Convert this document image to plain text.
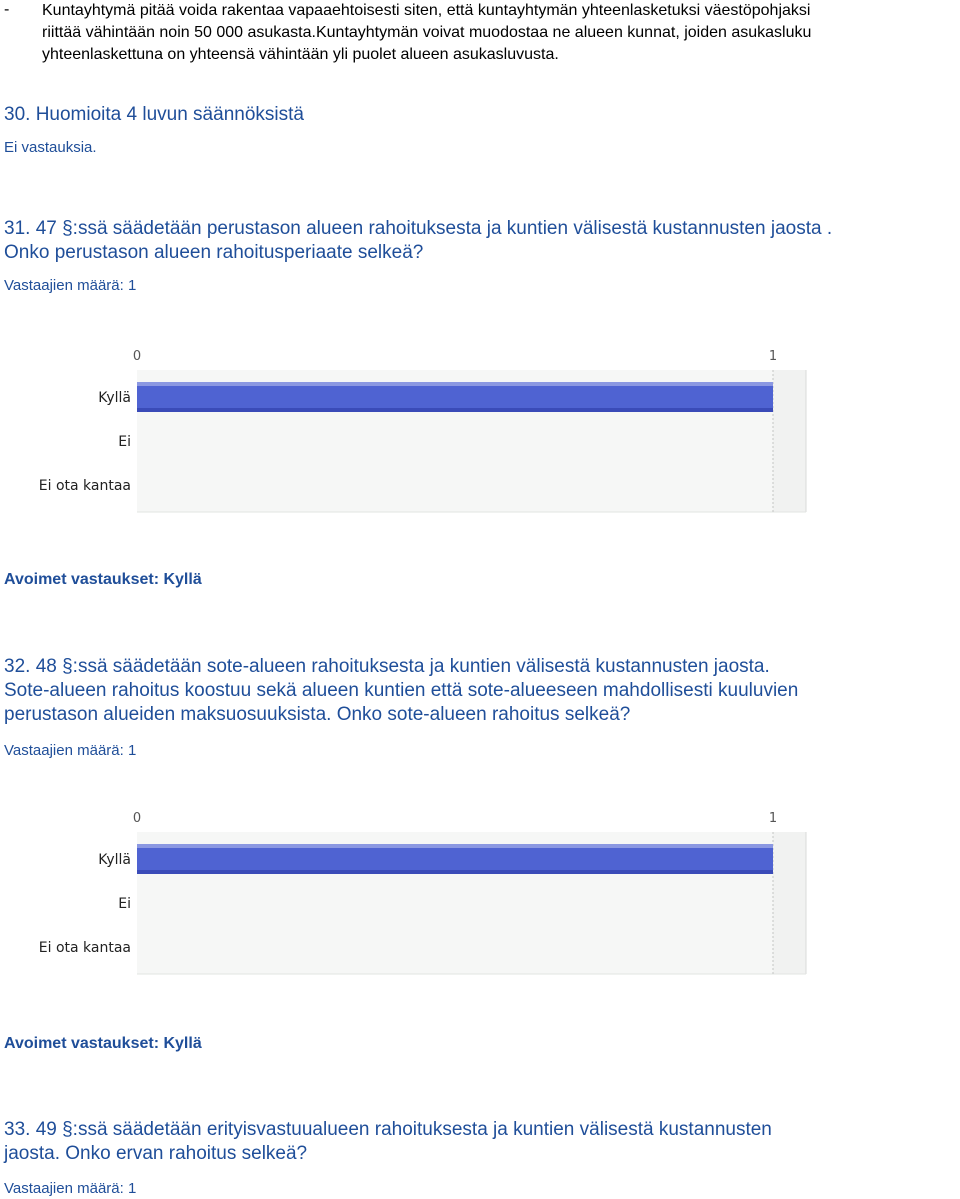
- Kuntayhtymä pitää voida rakentaa vapaaehtoisesti siten, että kuntayhtymän yhteenlasketuksi väestöpohjaksi
riittää vähintään noin 50 000 asukasta.Kuntayhtymän voivat muodostaa ne alueen kunnat, joiden asukasluku
yhteenlaskettuna on yhteensä vähintään yli puolet alueen asukasluvusta.
30. Huomioita 4 luvun säännöksistä
Ei vastauksia.
31. 47 §:ssä säädetään perustason alueen rahoituksesta ja kuntien välisestä kustannusten jaosta .
Onko perustason alueen rahoitusperiaate selkeä?
Vastaajien määrä: 1
0	1
Kyllä
Ei
Ei ota kantaa
Avoimet vastaukset: Kyllä
32. 48 §:ssä säädetään sote-alueen rahoituksesta ja kuntien välisestä kustannusten jaosta.
Sote-alueen rahoitus koostuu sekä alueen kuntien että sote-alueeseen mahdollisesti kuuluvien
perustason alueiden maksuosuuksista. Onko sote-alueen rahoitus selkeä?
Vastaajien määrä: 1
0	1
Kyllä
Ei
Ei ota kantaa
Avoimet vastaukset: Kyllä
33. 49 §:ssä säädetään erityisvastuualueen rahoituksesta ja kuntien välisestä kustannusten
jaosta. Onko ervan rahoitus selkeä?
Vastaajien määrä: 1
